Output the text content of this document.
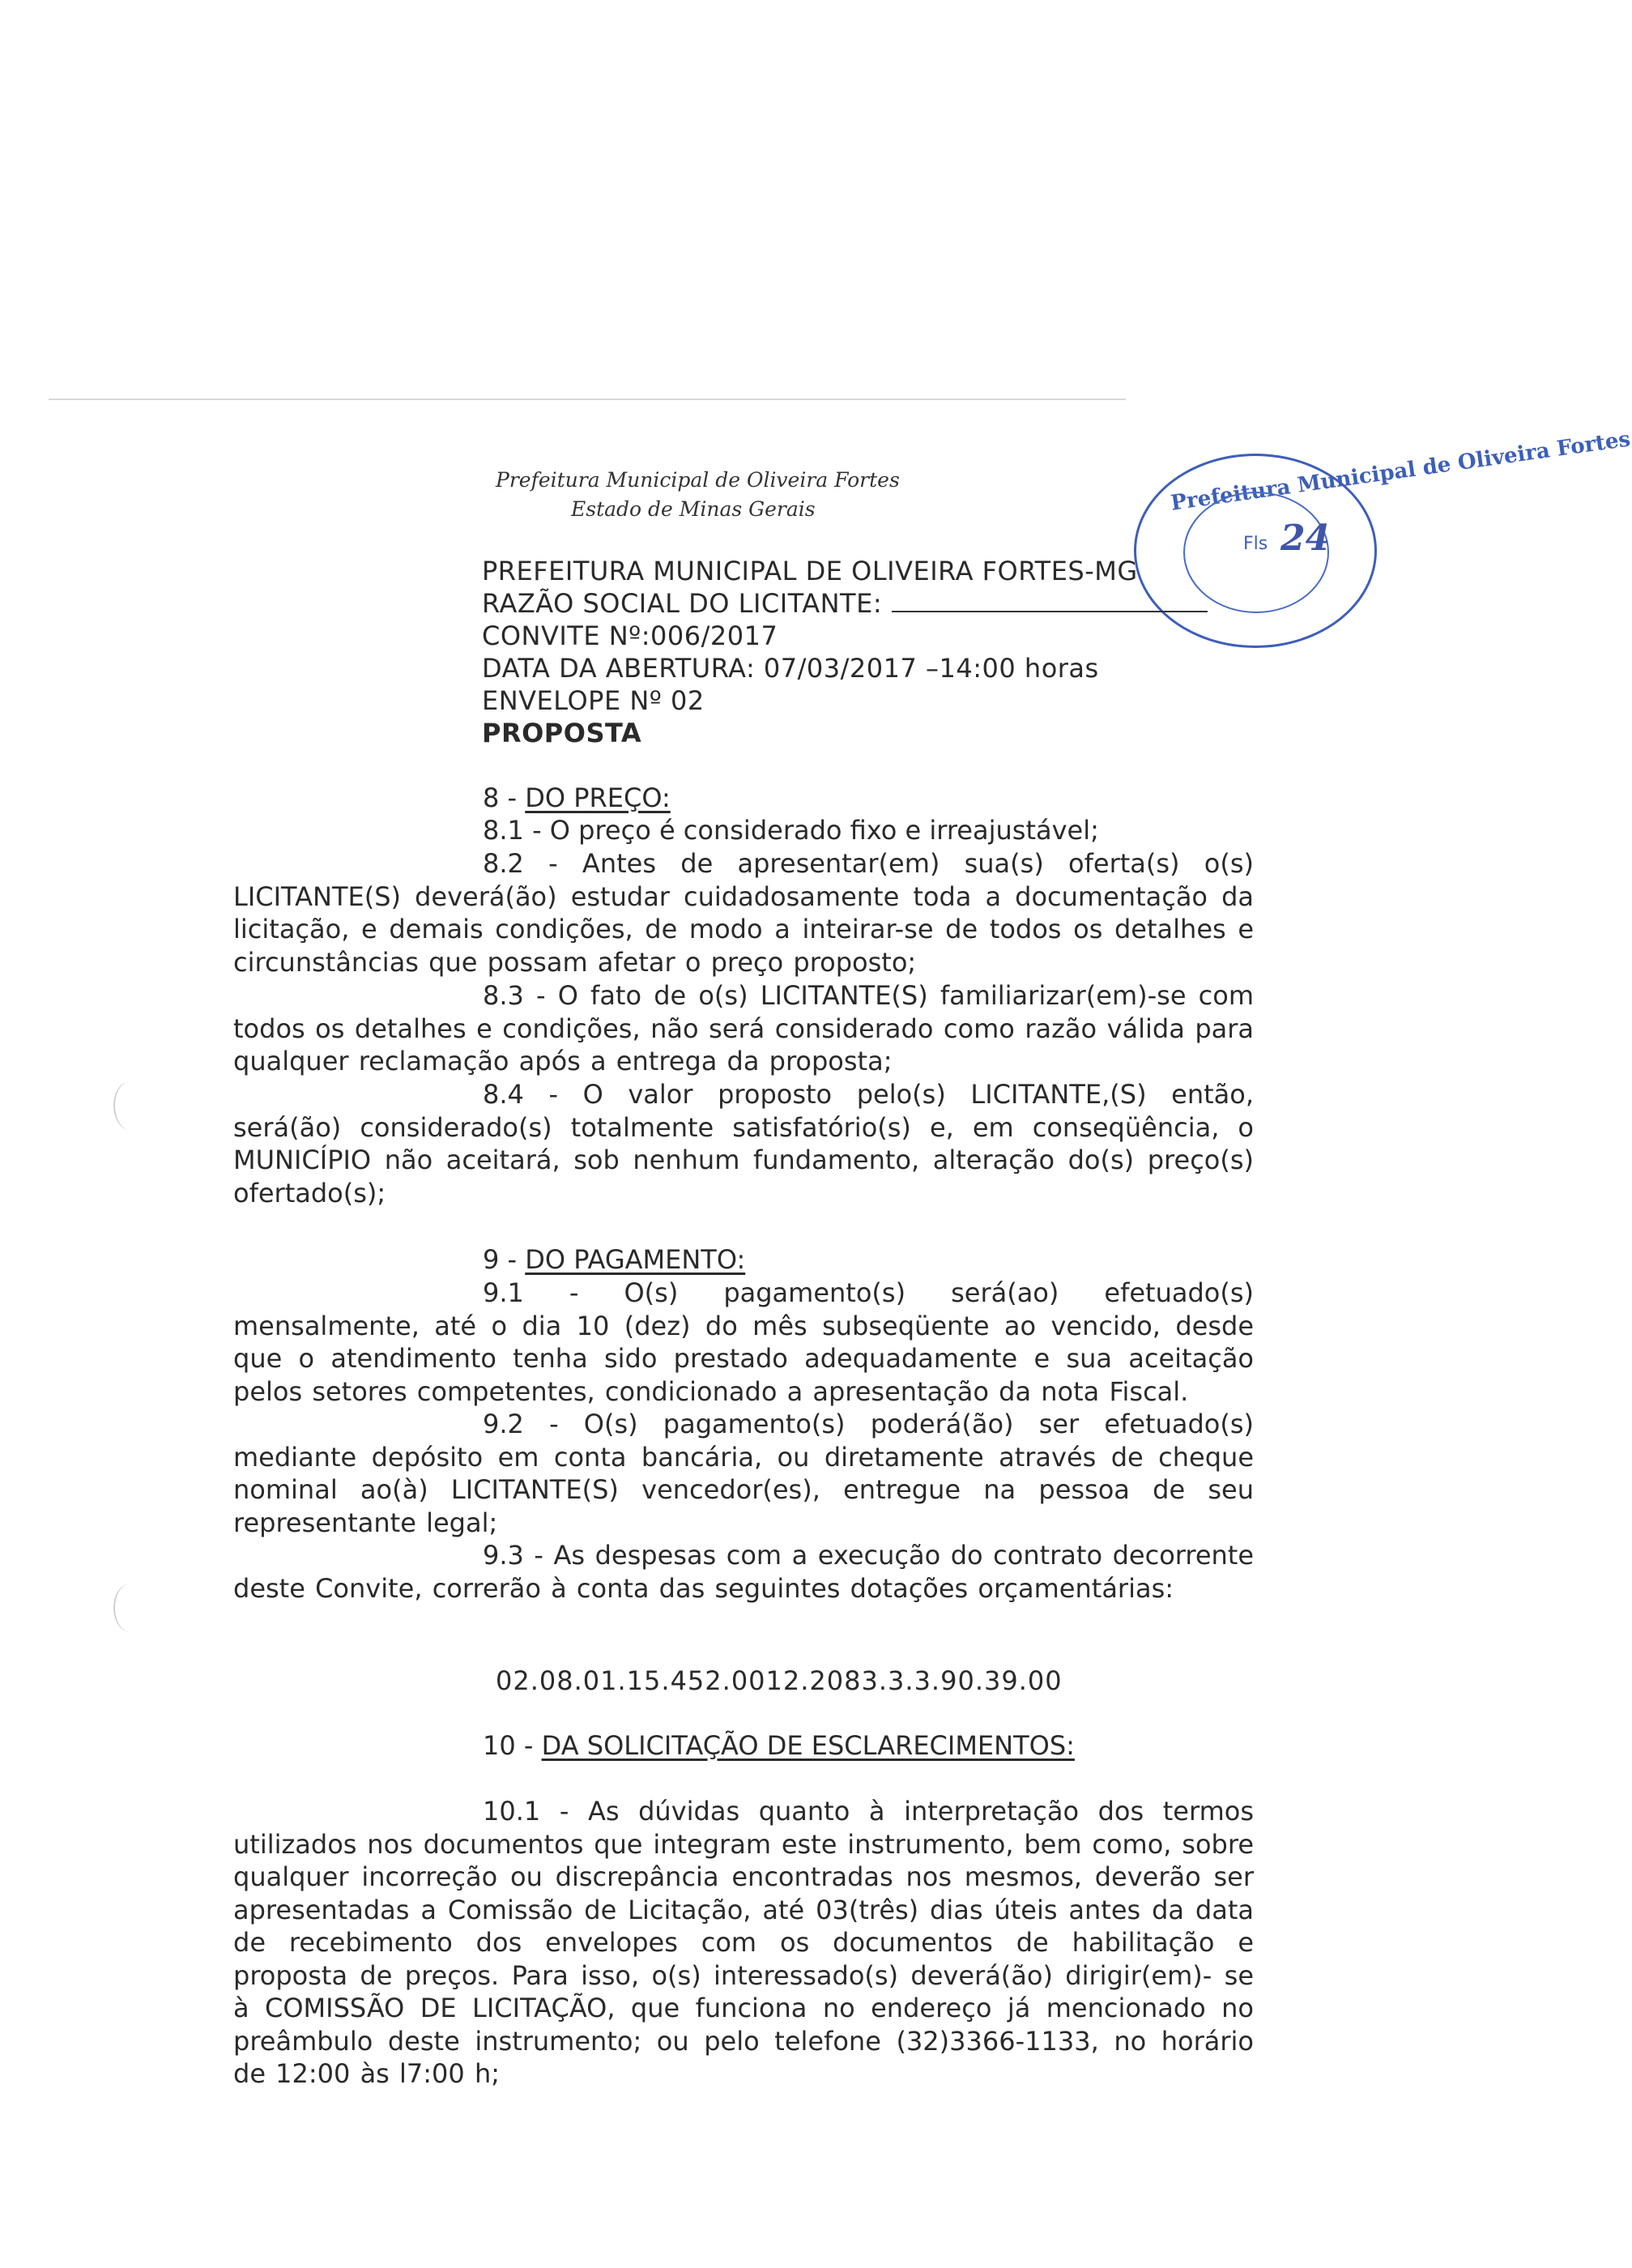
Prefeitura Municipal de Oliveira Fortes
Estado de Minas Gerais	Prefeitura Municipal de Oliveira Fortes
Fls 24

PREFEITURA MUNICIPAL DE OLIVEIRA FORTES-MG

RAZÃO SOCIAL DO LICITANTE:

CONVITE Nº:006/2017

DATA DA ABERTURA: 07/03/2017 –14:00 horas

ENVELOPE Nº 02

PROPOSTA

8 - DO PREÇO:

8.1 - O preço é considerado fixo e irreajustável;

8.2 - Antes de apresentar(em) sua(s) oferta(s) o(s) LICITANTE(S) deverá(ão) estudar cuidadosamente toda a documentação da licitação, e demais condições, de modo a inteirar-se de todos os detalhes e circunstâncias que possam afetar o preço proposto;

8.3 - O fato de o(s) LICITANTE(S) familiarizar(em)-se com todos os detalhes e condições, não será considerado como razão válida para qualquer reclamação após a entrega da proposta;

8.4 - O valor proposto pelo(s) LICITANTE,(S) então, será(ão) considerado(s) totalmente satisfatório(s) e, em conseqüência, o MUNICÍPIO não aceitará, sob nenhum fundamento, alteração do(s) preço(s) ofertado(s);

9 - DO PAGAMENTO:

9.1 - O(s) pagamento(s) será(ao) efetuado(s) mensalmente, até o dia 10 (dez) do mês subseqüente ao vencido, desde que o atendimento tenha sido prestado adequadamente e sua aceitação pelos setores competentes, condicionado a apresentação da nota Fiscal.

9.2 - O(s) pagamento(s) poderá(ão) ser efetuado(s) mediante depósito em conta bancária, ou diretamente através de cheque nominal ao(à) LICITANTE(S) vencedor(es), entregue na pessoa de seu representante legal;

9.3 - As despesas com a execução do contrato decorrente deste Convite, correrão à conta das seguintes dotações orçamentárias:

02.08.01.15.452.0012.2083.3.3.90.39.00

10 - DA SOLICITAÇÃO DE ESCLARECIMENTOS:

10.1 - As dúvidas quanto à interpretação dos termos utilizados nos documentos que integram este instrumento, bem como, sobre qualquer incorreção ou discrepância encontradas nos mesmos, deverão ser apresentadas a Comissão de Licitação, até 03(três) dias úteis antes da data de recebimento dos envelopes com os documentos de habilitação e proposta de preços. Para isso, o(s) interessado(s) deverá(ão) dirigir(em)- se à COMISSÃO DE LICITAÇÃO, que funciona no endereço já mencionado no preâmbulo deste instrumento; ou pelo telefone (32)3366-1133, no horário de 12:00 às l7:00 h;
